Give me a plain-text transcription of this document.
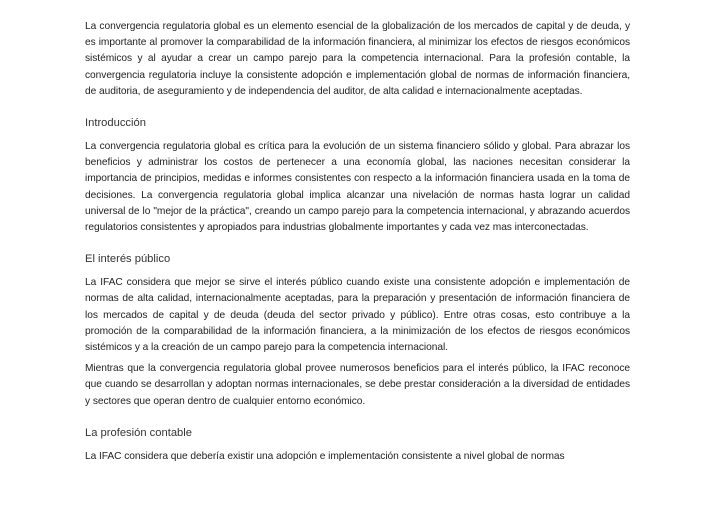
La convergencia regulatoria global es un elemento esencial de la globalización de los mercados de capital y de deuda, y es importante al promover la comparabilidad de la información financiera, al minimizar los efectos de riesgos económicos sistémicos y al ayudar a crear un campo parejo para la competencia internacional. Para la profesión contable, la convergencia regulatoria incluye la consistente adopción e implementación global de normas de información financiera, de auditoria, de aseguramiento y de independencia del auditor, de alta calidad e internacionalmente aceptadas.

Introducción

La convergencia regulatoria global es crítica para la evolución de un sistema financiero sólido y global. Para abrazar los beneficios y administrar los costos de pertenecer a una economía global, las naciones necesitan considerar la importancia de principios, medidas e informes consistentes con respecto a la información financiera usada en la toma de decisiones. La convergencia regulatoria global implica alcanzar una nivelación de normas hasta lograr un calidad universal de lo "mejor de la práctica", creando un campo parejo para la competencia internacional, y abrazando acuerdos regulatorios consistentes y apropiados para industrias globalmente importantes y cada vez mas interconectadas.

El interés público

La IFAC considera que mejor se sirve el interés público cuando existe una consistente adopción e implementación de normas de alta calidad, internacionalmente aceptadas, para la preparación y presentación de información financiera de los mercados de capital y de deuda (deuda del sector privado y público). Entre otras cosas, esto contribuye a la promoción de la comparabilidad de la información financiera, a la minimización de los efectos de riesgos económicos sistémicos y a la creación de un campo parejo para la competencia internacional.

Mientras que la convergencia regulatoria global provee numerosos beneficios para el interés público, la IFAC reconoce que cuando se desarrollan y adoptan normas internacionales, se debe prestar consideración a la diversidad de entidades y sectores que operan dentro de cualquier entorno económico.

La profesión contable

La IFAC considera que debería existir una adopción e implementación consistente a nivel global de normas
